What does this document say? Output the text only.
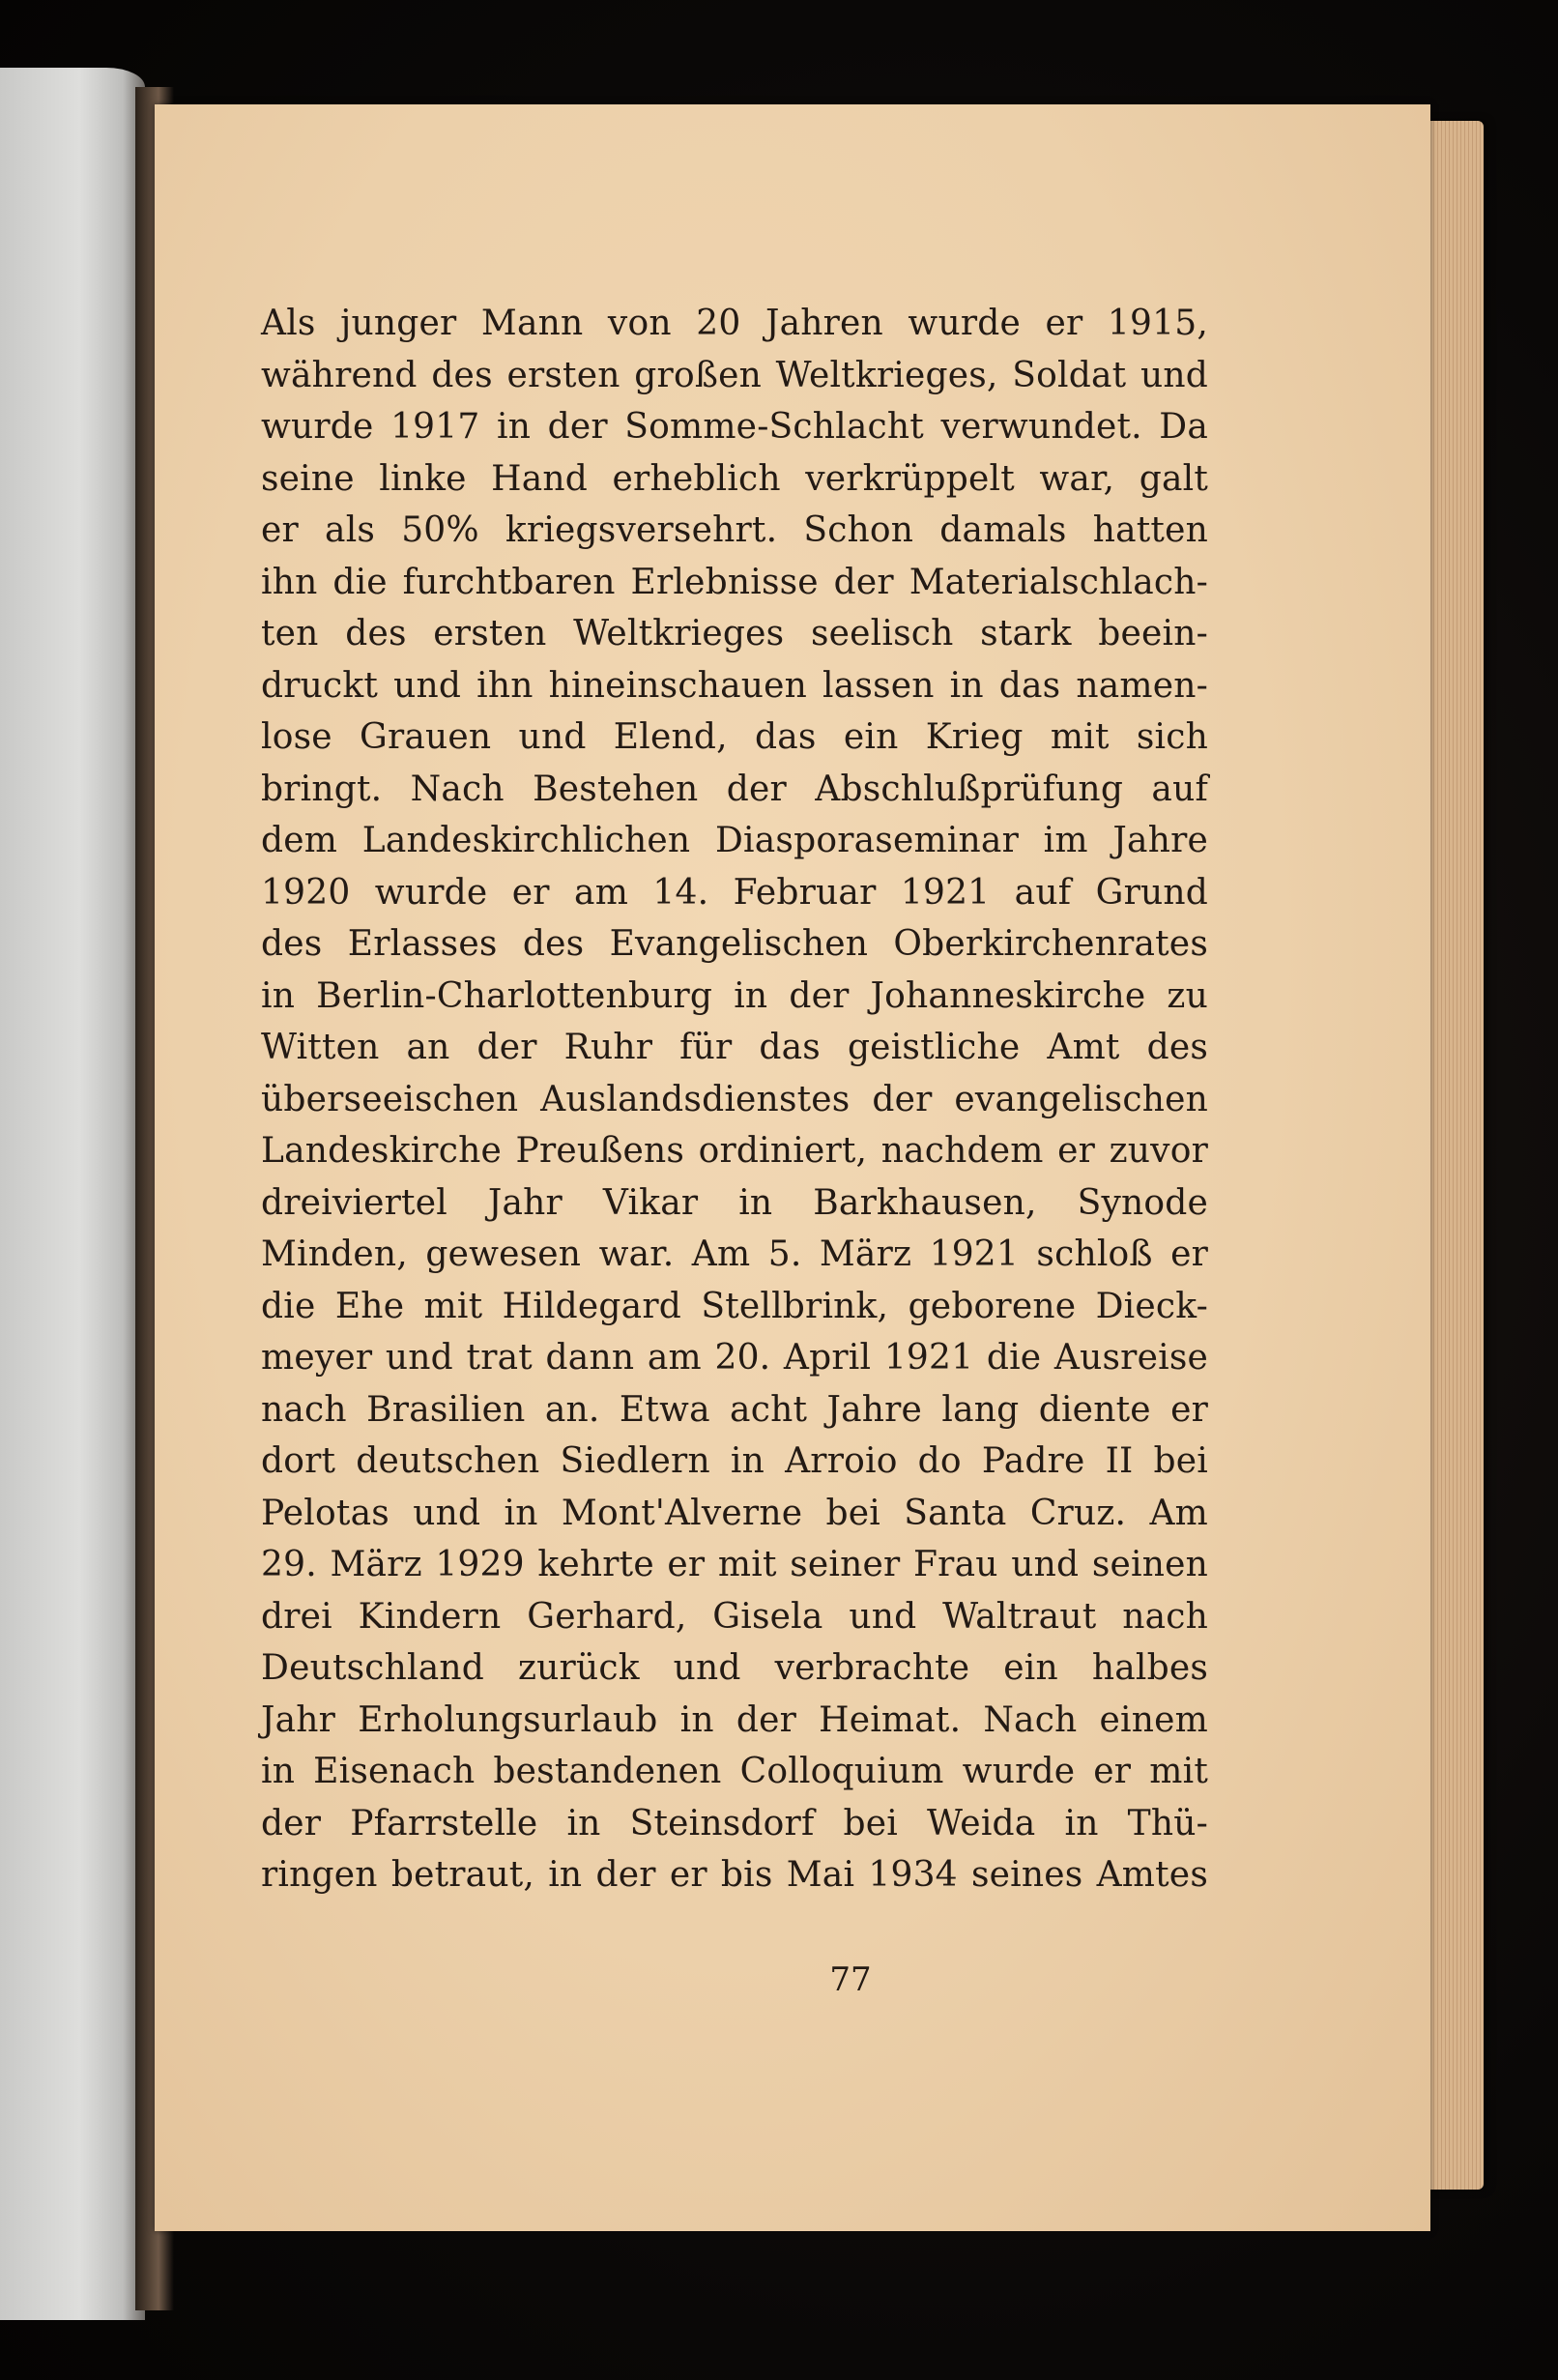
Als junger Mann von 20 Jahren wurde er 1915,
während des ersten großen Weltkrieges, Soldat und
wurde 1917 in der Somme-Schlacht verwundet. Da
seine linke Hand erheblich verkrüppelt war, galt
er als 50% kriegsversehrt. Schon damals hatten
ihn die furchtbaren Erlebnisse der Materialschlach-
ten des ersten Weltkrieges seelisch stark beein-
druckt und ihn hineinschauen lassen in das namen-
lose Grauen und Elend, das ein Krieg mit sich
bringt. Nach Bestehen der Abschlußprüfung auf
dem Landeskirchlichen Diasporaseminar im Jahre
1920 wurde er am 14. Februar 1921 auf Grund
des Erlasses des Evangelischen Oberkirchenrates
in Berlin-Charlottenburg in der Johanneskirche zu
Witten an der Ruhr für das geistliche Amt des
überseeischen Auslandsdienstes der evangelischen
Landeskirche Preußens ordiniert, nachdem er zuvor
dreiviertel Jahr Vikar in Barkhausen, Synode
Minden, gewesen war. Am 5. März 1921 schloß er
die Ehe mit Hildegard Stellbrink, geborene Dieck-
meyer und trat dann am 20. April 1921 die Ausreise
nach Brasilien an. Etwa acht Jahre lang diente er
dort deutschen Siedlern in Arroio do Padre II bei
Pelotas und in Mont'Alverne bei Santa Cruz. Am
29. März 1929 kehrte er mit seiner Frau und seinen
drei Kindern Gerhard, Gisela und Waltraut nach
Deutschland zurück und verbrachte ein halbes
Jahr Erholungsurlaub in der Heimat. Nach einem
in Eisenach bestandenen Colloquium wurde er mit
der Pfarrstelle in Steinsdorf bei Weida in Thü-
ringen betraut, in der er bis Mai 1934 seines Amtes
77
